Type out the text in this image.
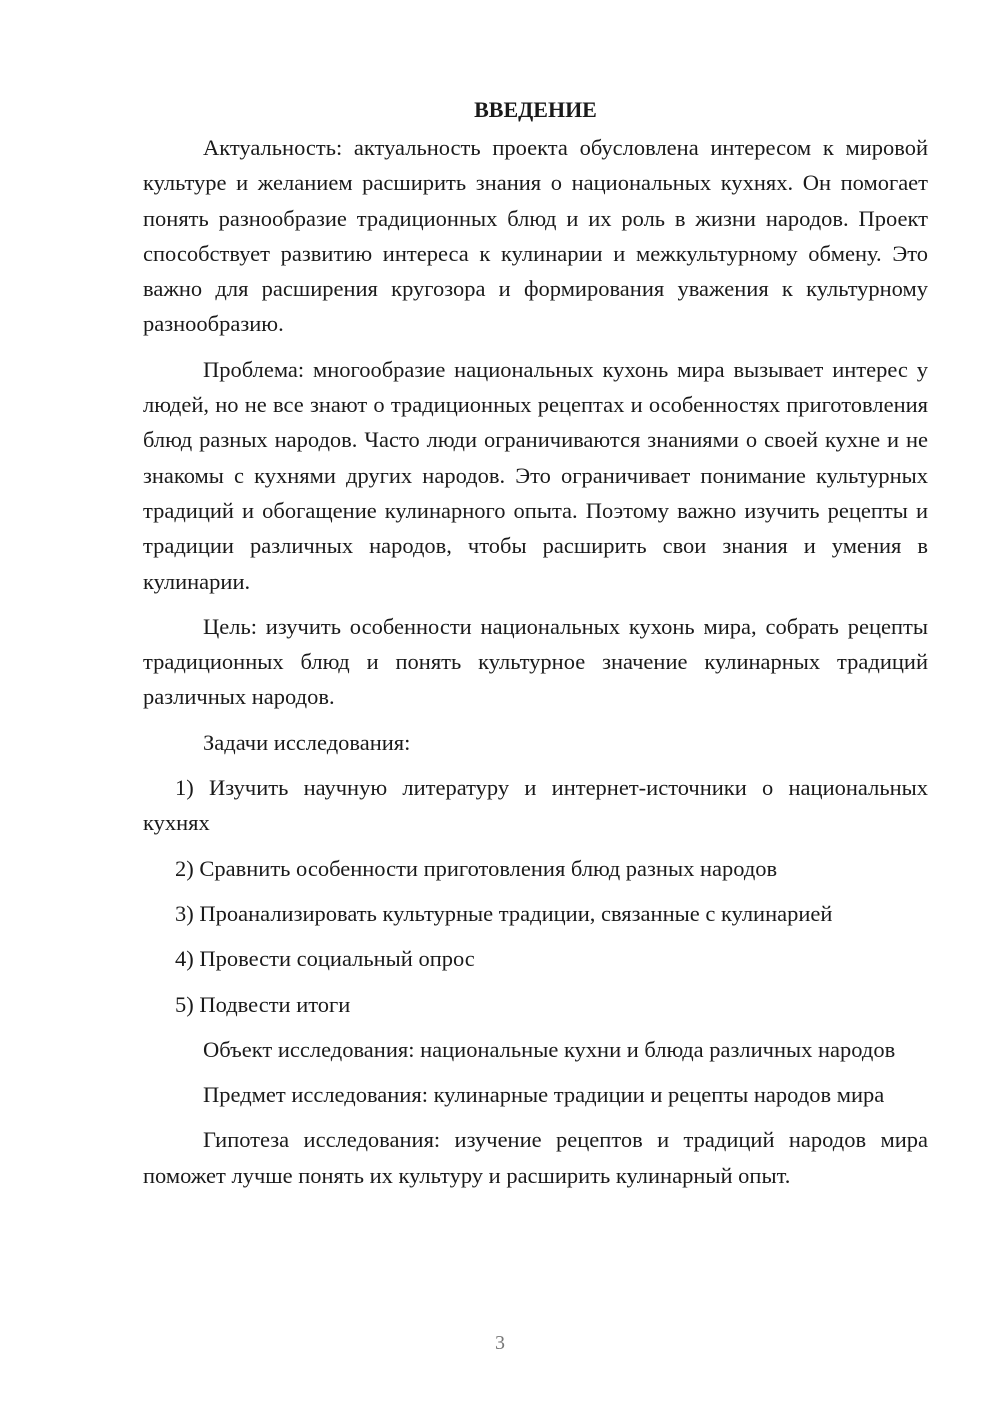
ВВЕДЕНИЕ

Актуальность: актуальность проекта обусловлена интересом к мировой культуре и желанием расширить знания о национальных кухнях. Он помогает понять разнообразие традиционных блюд и их роль в жизни народов. Проект способствует развитию интереса к кулинарии и межкультурному обмену. Это важно для расширения кругозора и формирования уважения к культурному разнообразию.

Проблема: многообразие национальных кухонь мира вызывает интерес у людей, но не все знают о традиционных рецептах и особенностях приготовления блюд разных народов. Часто люди ограничиваются знаниями о своей кухне и не знакомы с кухнями других народов. Это ограничивает понимание культурных традиций и обогащение кулинарного опыта. Поэтому важно изучить рецепты и традиции различных народов, чтобы расширить свои знания и умения в кулинарии.

Цель: изучить особенности национальных кухонь мира, собрать рецепты традиционных блюд и понять культурное значение кулинарных традиций различных народов.

Задачи исследования:

1) Изучить научную литературу и интернет-источники о национальных кухнях

2) Сравнить особенности приготовления блюд разных народов

3) Проанализировать культурные традиции, связанные с кулинарией

4) Провести социальный опрос

5) Подвести итоги

Объект исследования: национальные кухни и блюда различных народов

Предмет исследования: кулинарные традиции и рецепты народов мира

Гипотеза исследования: изучение рецептов и традиций народов мира поможет лучше понять их культуру и расширить кулинарный опыт.

3
